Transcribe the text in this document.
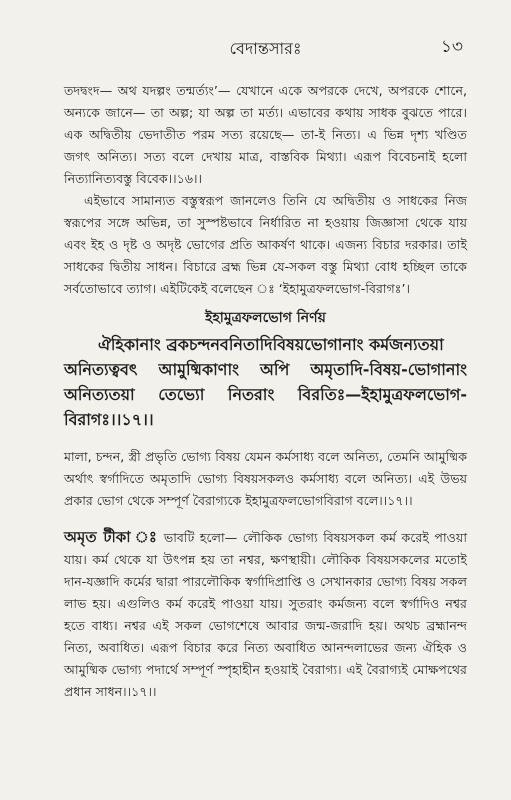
বেদান্তসারঃ	১৩

তদদ্বংদ— অথ যদল্পং তন্মর্ত্যং’— যেখানে একে অপরকে দেখে, অপরকে শোনে, অন্যকে জানে— তা অল্প; যা অল্প তা মর্ত্য। এভাবের কথায় সাধক বুঝতে পারে। এক অদ্বিতীয় ভেদাতীত পরম সত্য রয়েছে— তা-ই নিত্য। এ ভিন্ন দৃশ্য খণ্ডিত জগৎ অনিত্য। সত্য বলে দেখায় মাত্র, বাস্তবিক মিথ্যা। এরূপ বিবেচনাই হলো নিত্যানিত্যবস্তু বিবেক।।১৬।।

এইভাবে সামান্যত বস্তুস্বরূপ জানলেও তিনি যে অদ্বিতীয় ও সাধকের নিজ স্বরূপের সঙ্গে অভিন্ন, তা সুস্পষ্টভাবে নির্ধারিত না হওয়ায় জিজ্ঞাসা থেকে যায় এবং ইহ ও দৃষ্ট ও অদৃষ্ট ভোগের প্রতি আকর্ষণ থাকে। এজন্য বিচার দরকার। তাই সাধকের দ্বিতীয় সাধন। বিচারে ব্রহ্ম ভিন্ন যে-সকল বস্তু মিথ্যা বোধ হচ্ছিল তাকে সর্বতোভাবে ত্যাগ। এইটিকেই বলেছেন ঃ ‘ইহামুত্রফলভোগ-বিরাগঃ’।

ইহামুত্রফলভোগ নির্ণয়
ঐহিকানাং ব্রকচন্দনবনিতাদিবিষয়ভোগানাং কর্মজন্যতয়া
অনিত্যত্ববৎ আমুষ্মিকাণাং অপি অমৃতাদি-বিষয়-ভোগানাং অনিত্যতয়া তেভ্যো নিতরাং বিরতিঃ—ইহামুত্রফলভোগ-বিরাগঃ।।১৭।।

মালা, চন্দন, স্ত্রী প্রভৃতি ভোগ্য বিষয় যেমন কর্মসাধ্য বলে অনিত্য, তেমনি আমুষ্মিক অর্থাৎ স্বর্গাদিতে অমৃতাদি ভোগ্য বিষয়সকলও কর্মসাধ্য বলে অনিত্য। এই উভয় প্রকার ভোগ থেকে সম্পূর্ণ বৈরাগ্যকে ইহামুত্রফলভোগবিরাগ বলে।।১৭।।

অমৃত টীকা ঃ ভাবটি হলো— লৌকিক ভোগ্য বিষয়সকল কর্ম করেই পাওয়া যায়। কর্ম থেকে যা উৎপন্ন হয় তা নশ্বর, ক্ষণস্থায়ী। লৌকিক বিষয়সকলের মতোই দান-যজ্ঞাদি কর্মের দ্বারা পারলৌকিক স্বর্গাদিপ্রাপ্তি ও সেখানকার ভোগ্য বিষয় সকল লাভ হয়। এগুলিও কর্ম করেই পাওয়া যায়। সুতরাং কর্মজন্য বলে স্বর্গাদিও নশ্বর হতে বাধ্য। নশ্বর এই সকল ভোগশেষে আবার জন্ম-জরাদি হয়। অথচ ব্রহ্মানন্দ নিত্য, অবাধিত। এরূপ বিচার করে নিত্য অবাধিত আনন্দলাভের জন্য ঐহিক ও আমুষ্মিক ভোগ্য পদার্থে সম্পূর্ণ স্পৃহাহীন হওয়াই বৈরাগ্য। এই বৈরাগ্যই মোক্ষপথের প্রধান সাধন।।১৭।।
